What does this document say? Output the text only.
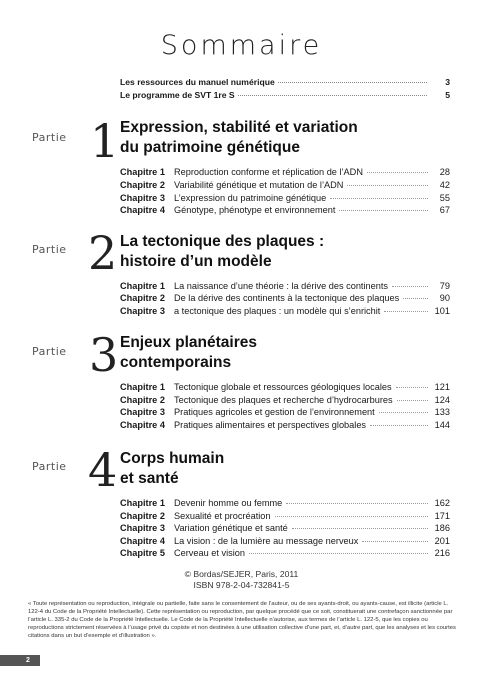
Sommaire
Les ressources du manuel numérique	3
Le programme de SVT 1re S	5
Partie 1 Expression, stabilité et variation
du patrimoine génétique
Chapitre 1 Reproduction conforme et réplication de l’ADN	28
Chapitre 2 Variabilité génétique et mutation de l’ADN	42
Chapitre 3 L’expression du patrimoine génétique	55
Chapitre 4 Génotype, phénotype et environnement	67
Partie 2 La tectonique des plaques :
histoire d’un modèle
Chapitre 1 La naissance d’une théorie : la dérive des continents	79
Chapitre 2 De la dérive des continents à la tectonique des plaques	90
Chapitre 3 a tectonique des plaques : un modèle qui s’enrichit	101
Partie 3 Enjeux planétaires
contemporains
Chapitre 1 Tectonique globale et ressources géologiques locales	121
Chapitre 2 Tectonique des plaques et recherche d’hydrocarbures	124
Chapitre 3 Pratiques agricoles et gestion de l’environnement	133
Chapitre 4 Pratiques alimentaires et perspectives globales	144
Partie 4 Corps humain
et santé
Chapitre 1 Devenir homme ou femme	162
Chapitre 2 Sexualité et procréation	171
Chapitre 3 Variation génétique et santé	186
Chapitre 4 La vision : de la lumière au message nerveux	201
Chapitre 5 Cerveau et vision	216
© Bordas/SEJER, Paris, 2011
ISBN 978-2-04-732841-5
« Toute représentation ou reproduction, intégrale ou partielle, faite sans le consentement de l’auteur, ou de ses ayants-droit, ou ayants-cause, est illicite (article L. 122-4 du Code de la Propriété Intellectuelle). Cette représentation ou reproduction, par quelque procédé que ce soit, constituerait une contrefaçon sanctionnée par l’article L. 335-2 du Code de la Propriété Intellectuelle. Le Code de la Propriété Intellectuelle n’autorise, aux termes de l’article L. 122-5, que les copies ou reproductions strictement réservées à l’usage privé du copiste et non destinées à une utilisation collective d’une part, et, d’autre part, que les analyses et les courtes citations dans un but d’exemple et d’illustration ».
2
